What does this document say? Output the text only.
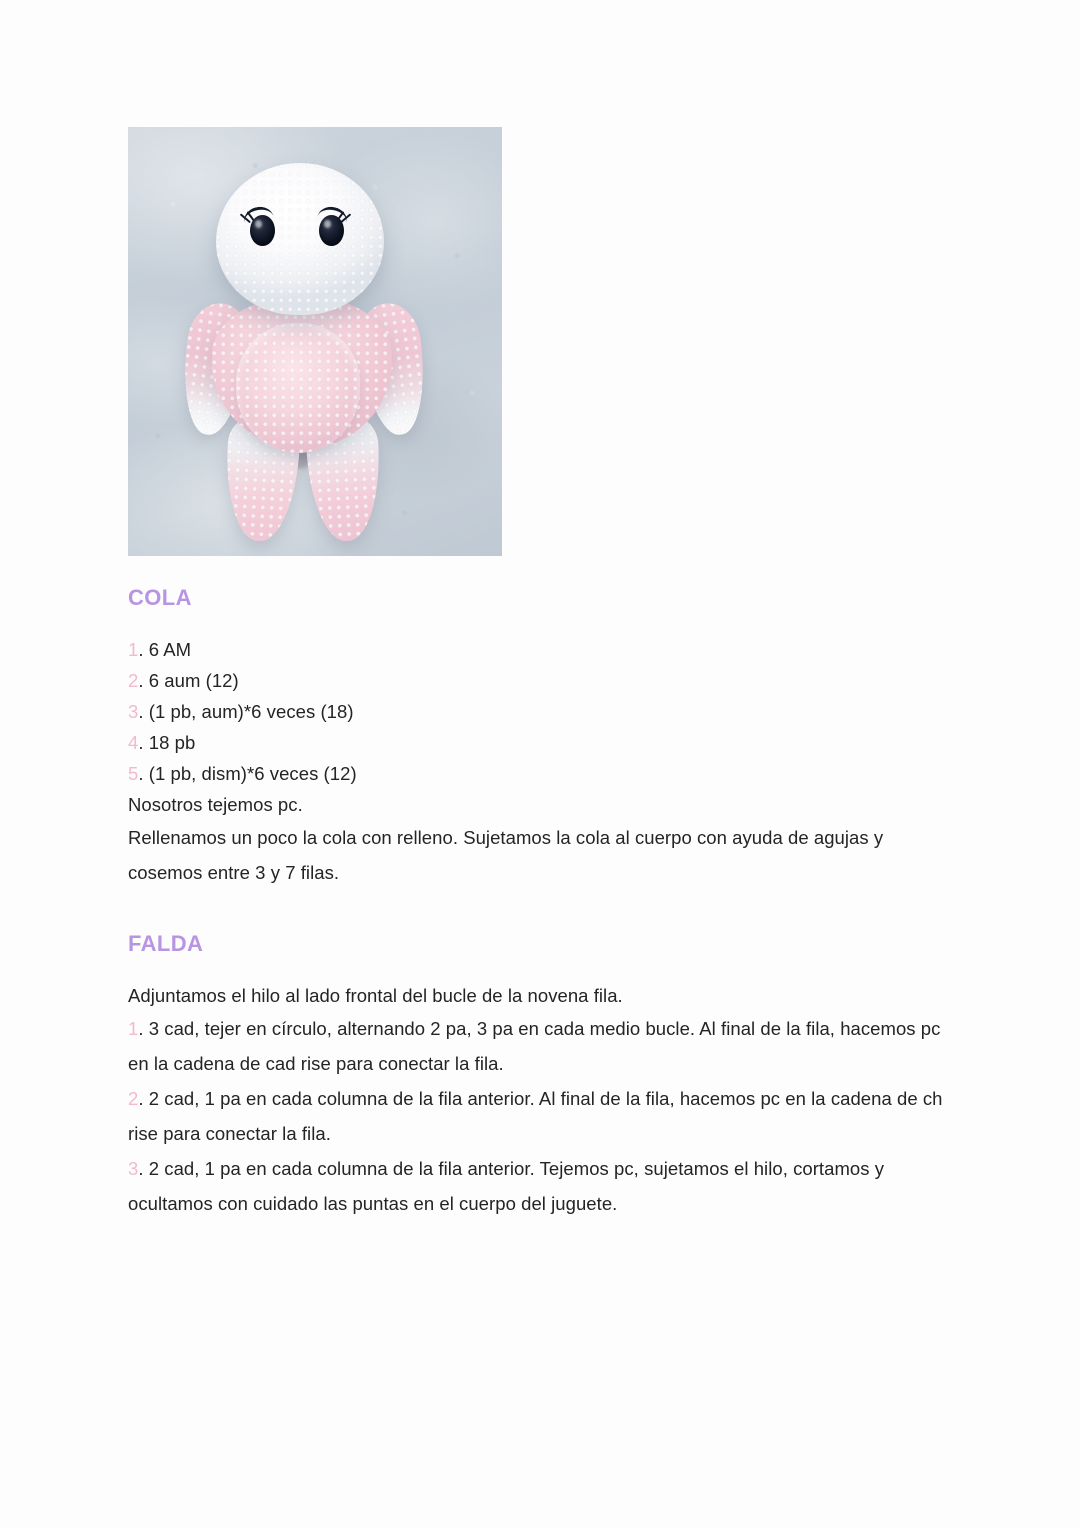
COLA
1. 6 AM
2. 6 aum (12)
3. (1 pb, aum)*6 veces (18)
4. 18 pb
5. (1 pb, dism)*6 veces (12)
Nosotros tejemos pc.
Rellenamos un poco la cola con relleno. Sujetamos la cola al cuerpo con ayuda de agujas y cosemos entre 3 y 7 filas.
FALDA
Adjuntamos el hilo al lado frontal del bucle de la novena fila.
1. 3 cad, tejer en círculo, alternando 2 pa, 3 pa en cada medio bucle. Al final de la fila, hacemos pc en la cadena de cad rise para conectar la fila.
2. 2 cad, 1 pa en cada columna de la fila anterior. Al final de la fila, hacemos pc en la cadena de ch rise para conectar la fila.
3. 2 cad, 1 pa en cada columna de la fila anterior. Tejemos pc, sujetamos el hilo, cortamos y ocultamos con cuidado las puntas en el cuerpo del juguete.
